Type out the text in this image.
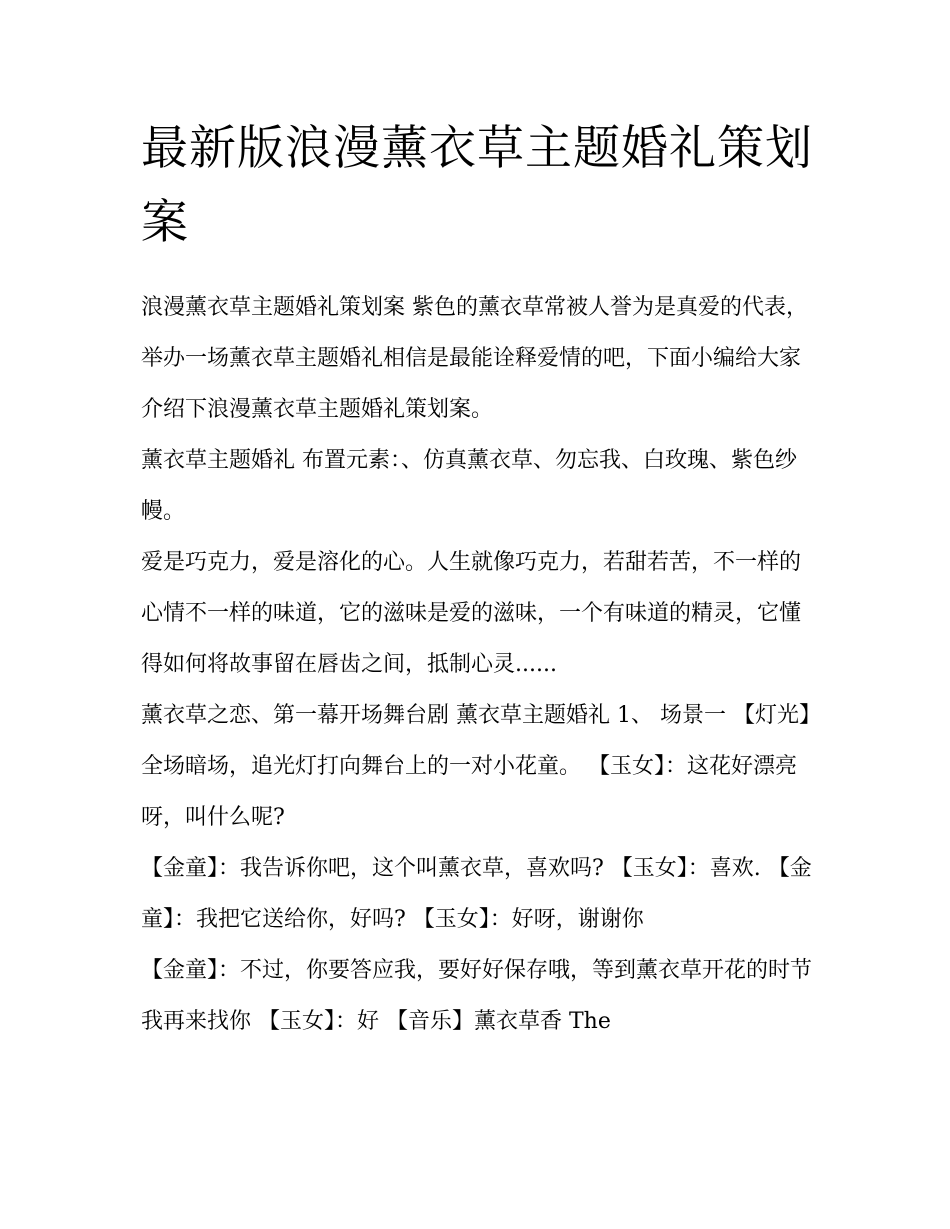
最新版浪漫薰衣草主题婚礼策划案

浪漫薰衣草主题婚礼策划案 紫色的薰衣草常被人誉为是真爱的代表，举办一场薰衣草主题婚礼相信是最能诠释爱情的吧，下面小编给大家介绍下浪漫薰衣草主题婚礼策划案。

薰衣草主题婚礼 布置元素：、仿真薰衣草、勿忘我、白玫瑰、紫色纱幔。

爱是巧克力，爱是溶化的心。人生就像巧克力，若甜若苦，不一样的心情不一样的味道，它的滋味是爱的滋味，一个有味道的精灵，它懂得如何将故事留在唇齿之间，抵制心灵......

薰衣草之恋、第一幕开场舞台剧 薰衣草主题婚礼 1、 场景一 【灯光】全场暗场，追光灯打向舞台上的一对小花童。 【玉女】：这花好漂亮呀，叫什么呢?

【金童】：我告诉你吧，这个叫薰衣草，喜欢吗? 【玉女】：喜欢. 【金童】：我把它送给你，好吗? 【玉女】：好呀，谢谢你

【金童】：不过，你要答应我，要好好保存哦，等到薰衣草开花的时节我再来找你 【玉女】：好 【音乐】薰衣草香 The
